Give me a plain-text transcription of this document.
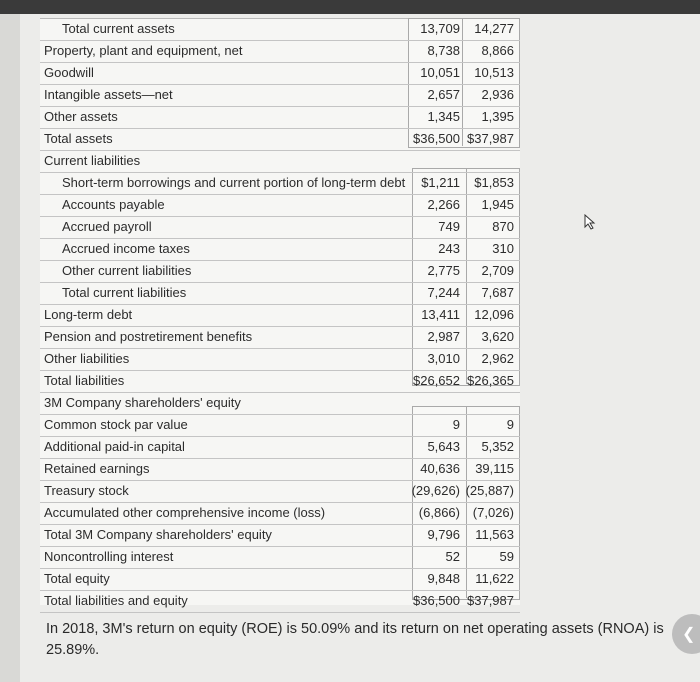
Total current assets	13,709	14,277
Property, plant and equipment, net	8,738	8,866
Goodwill	10,051	10,513
Intangible assets—net	2,657	2,936
Other assets	1,345	1,395
Total assets	$36,500 $37,987
Current liabilities
Short-term borrowings and current portion of long-term debt	$1,211	$1,853
Accounts payable	2,266	1,945
Accrued payroll	749	870
Accrued income taxes	243	310
Other current liabilities	2,775	2,709
Total current liabilities	7,244	7,687
Long-term debt	13,411	12,096
Pension and postretirement benefits	2,987	3,620
Other liabilities	3,010	2,962
Total liabilities	$26,652 $26,365
3M Company shareholders' equity
Common stock par value	9	9
Additional paid-in capital	5,643	5,352
Retained earnings	40,636	39,115
Treasury stock	(29,626) (25,887)
Accumulated other comprehensive income (loss)	(6,866) (7,026)
Total 3M Company shareholders' equity	9,796	11,563
Noncontrolling interest	52	59
Total equity	9,848	11,622
Total liabilities and equity	$36,500 $37,987

In 2018, 3M's return on equity (ROE) is 50.09% and its return on net operating assets (RNOA) is 25.89%.

❮
